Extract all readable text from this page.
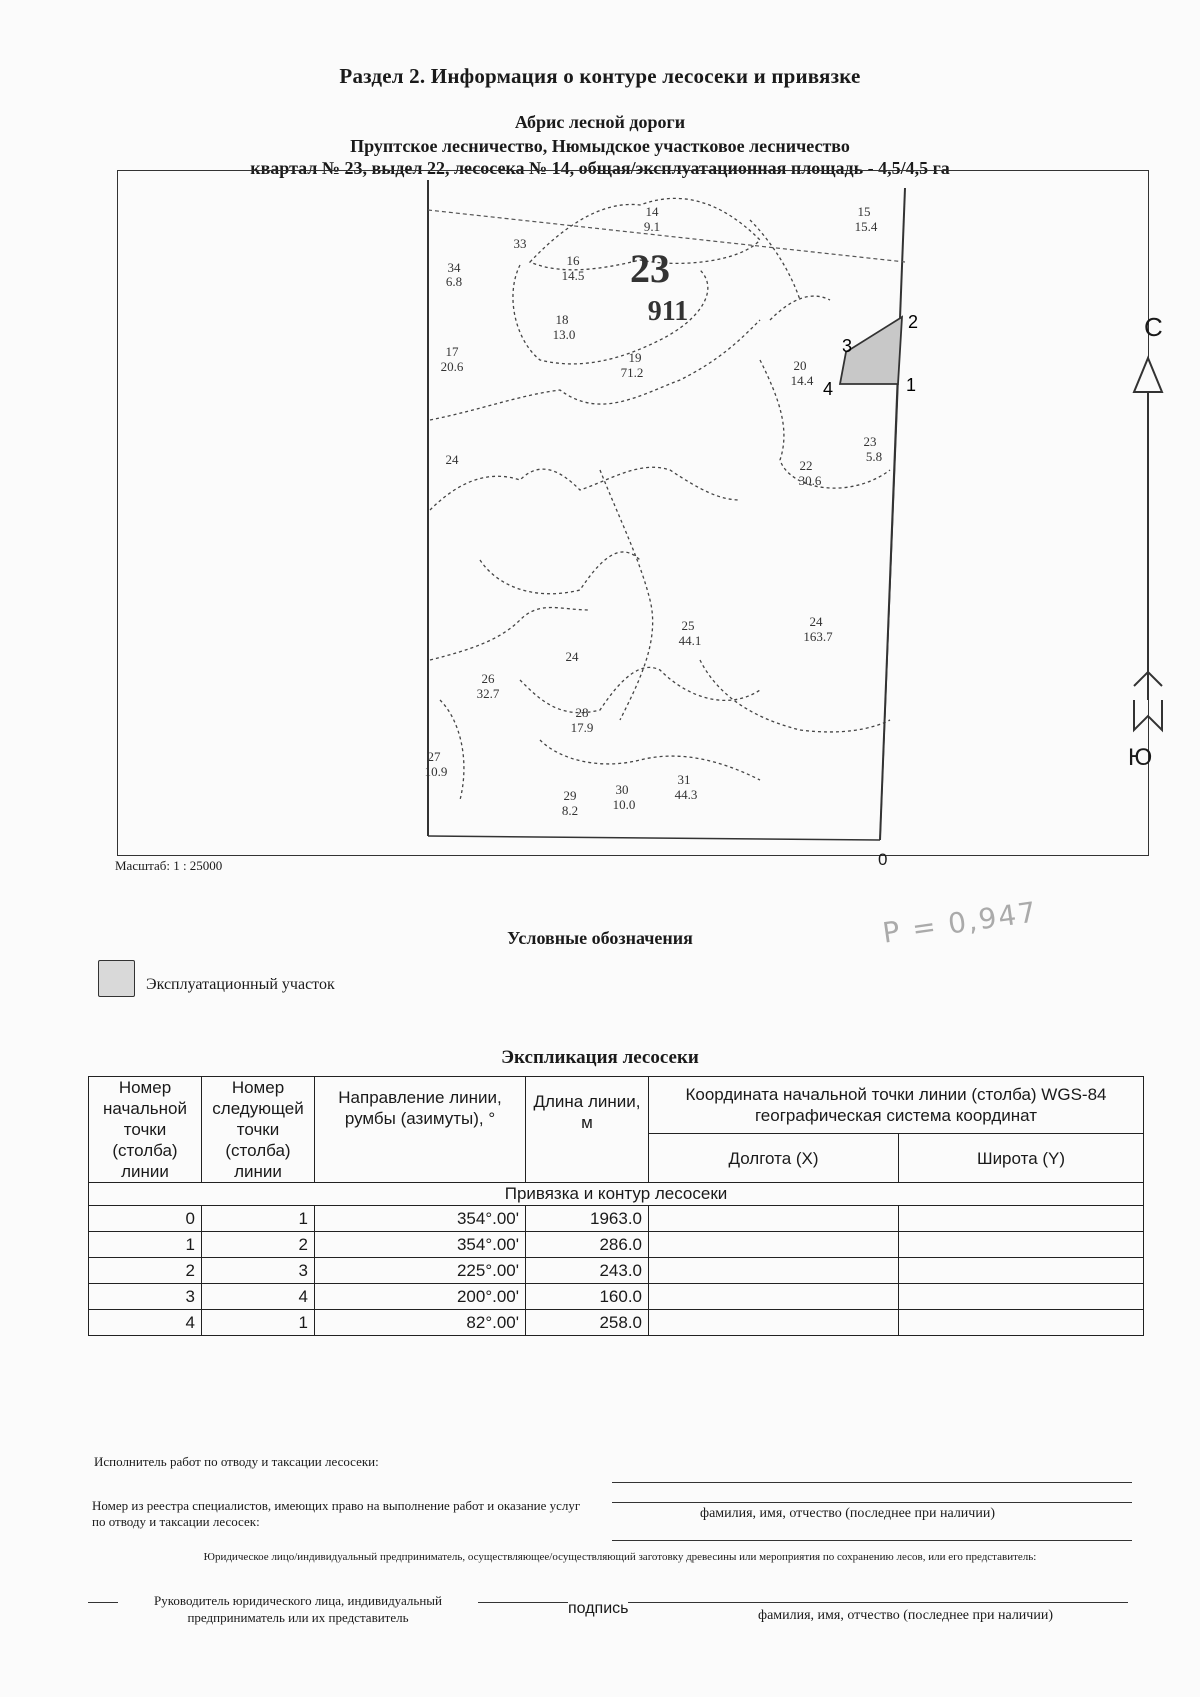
Раздел 2. Информация о контуре лесосеки и привязке
Абрис лесной дороги
Пруптское лесничество, Нюмыдское участковое лесничество
квартал № 23, выдел 22, лесосека № 14, общая/эксплуатационная площадь - 4,5/4,5 га
23
911	2
3
4	1
14
9.1
15
15.4
33
16
14.5
34
6.8
18
13.0
17
20.6
19
71.2	20
14.4
23
5.8
22
30.6
24
25
44.1
24
163.7
24
26
32.7
28
17.9
27
10.9
29
8.2
30
10.0
31
44.3
С
Ю
Масштаб: 1 : 25000	0
P = 0,947
Условные обозначения
Эксплуатационный участок
Экспликация лесосеки
Номер начальной точки (столба) линии	Номер следующей точки (столба) линии	Направление линии, румбы (азимуты), °	Длина линии, м	Координата начальной точки линии (столба) WGS-84 географическая система координат	
				Долгота (X)	Широта (Y)
Привязка и контур лесосеки					
0	1	354°.00'	1963.0		
1	2	354°.00'	286.0		
2	3	225°.00'	243.0		
3	4	200°.00'	160.0		
4	1	82°.00'	258.0		
Исполнитель работ по отводу и таксации лесосеки:
фамилия, имя, отчество (последнее при наличии)
Номер из реестра специалистов, имеющих право на выполнение работ и оказание услуг по отводу и таксации лесосек:
Юридическое лицо/индивидуальный предприниматель, осуществляющее/осуществляющий заготовку древесины или мероприятия по сохранению лесов, или его представитель:
Руководитель юридического лица, индивидуальный предприниматель или их представитель
подпись	фамилия, имя, отчество (последнее при наличии)
